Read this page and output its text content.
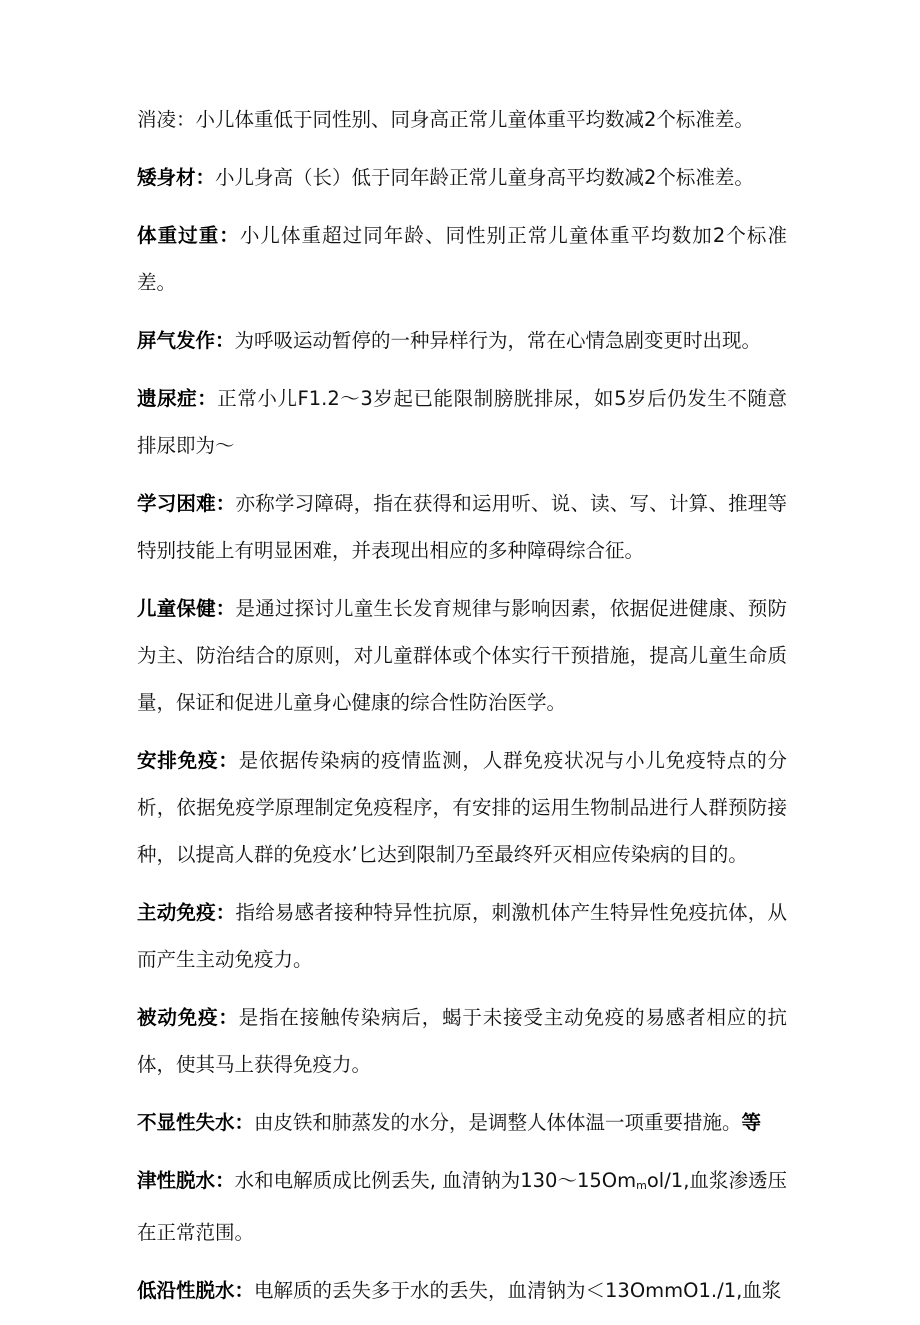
消凌：小儿体重低于同性别、同身高正常儿童体重平均数减2个标准差。

矮身材：小儿身高（长）低于同年龄正常儿童身高平均数减2个标准差。

体重过重：小儿体重超过同年龄、同性别正常儿童体重平均数加2个标准差。

屏气发作：为呼吸运动暂停的一种异样行为，常在心情急剧变更时出现。

遗尿症：正常小儿F1.2〜3岁起已能限制膀胱排尿，如5岁后仍发生不随意排尿即为〜

学习困难：亦称学习障碍，指在获得和运用听、说、读、写、计算、推理等特别技能上有明显困难，并表现出相应的多种障碍综合征。

儿童保健：是通过探讨儿童生长发育规律与影响因素，依据促进健康、预防为主、防治结合的原则，对儿童群体或个体实行干预措施，提高儿童生命质量，保证和促进儿童身心健康的综合性防治医学。

安排免疫：是依据传染病的疫情监测，人群免疫状况与小儿免疫特点的分析，依据免疫学原理制定免疫程序，有安排的运用生物制品进行人群预防接种，以提高人群的免疫水’匕达到限制乃至最终歼灭相应传染病的目的。

主动免疫：指给易感者接种特异性抗原，刺激机体产生特异性免疫抗体，从而产生主动免疫力。

被动免疫：是指在接触传染病后，蝎于未接受主动免疫的易感者相应的抗体，使其马上获得免疫力。

不显性失水：由皮铁和肺蒸发的水分，是调整人体体温一项重要措施。等

津性脱水：水和电解质成比例丢失, 血清钠为130〜15Ommol/1,血浆渗透压在正常范围。

低沿性脱水：电解质的丢失多于水的丢失，血清钠为＜13OmmO1./1,血浆
